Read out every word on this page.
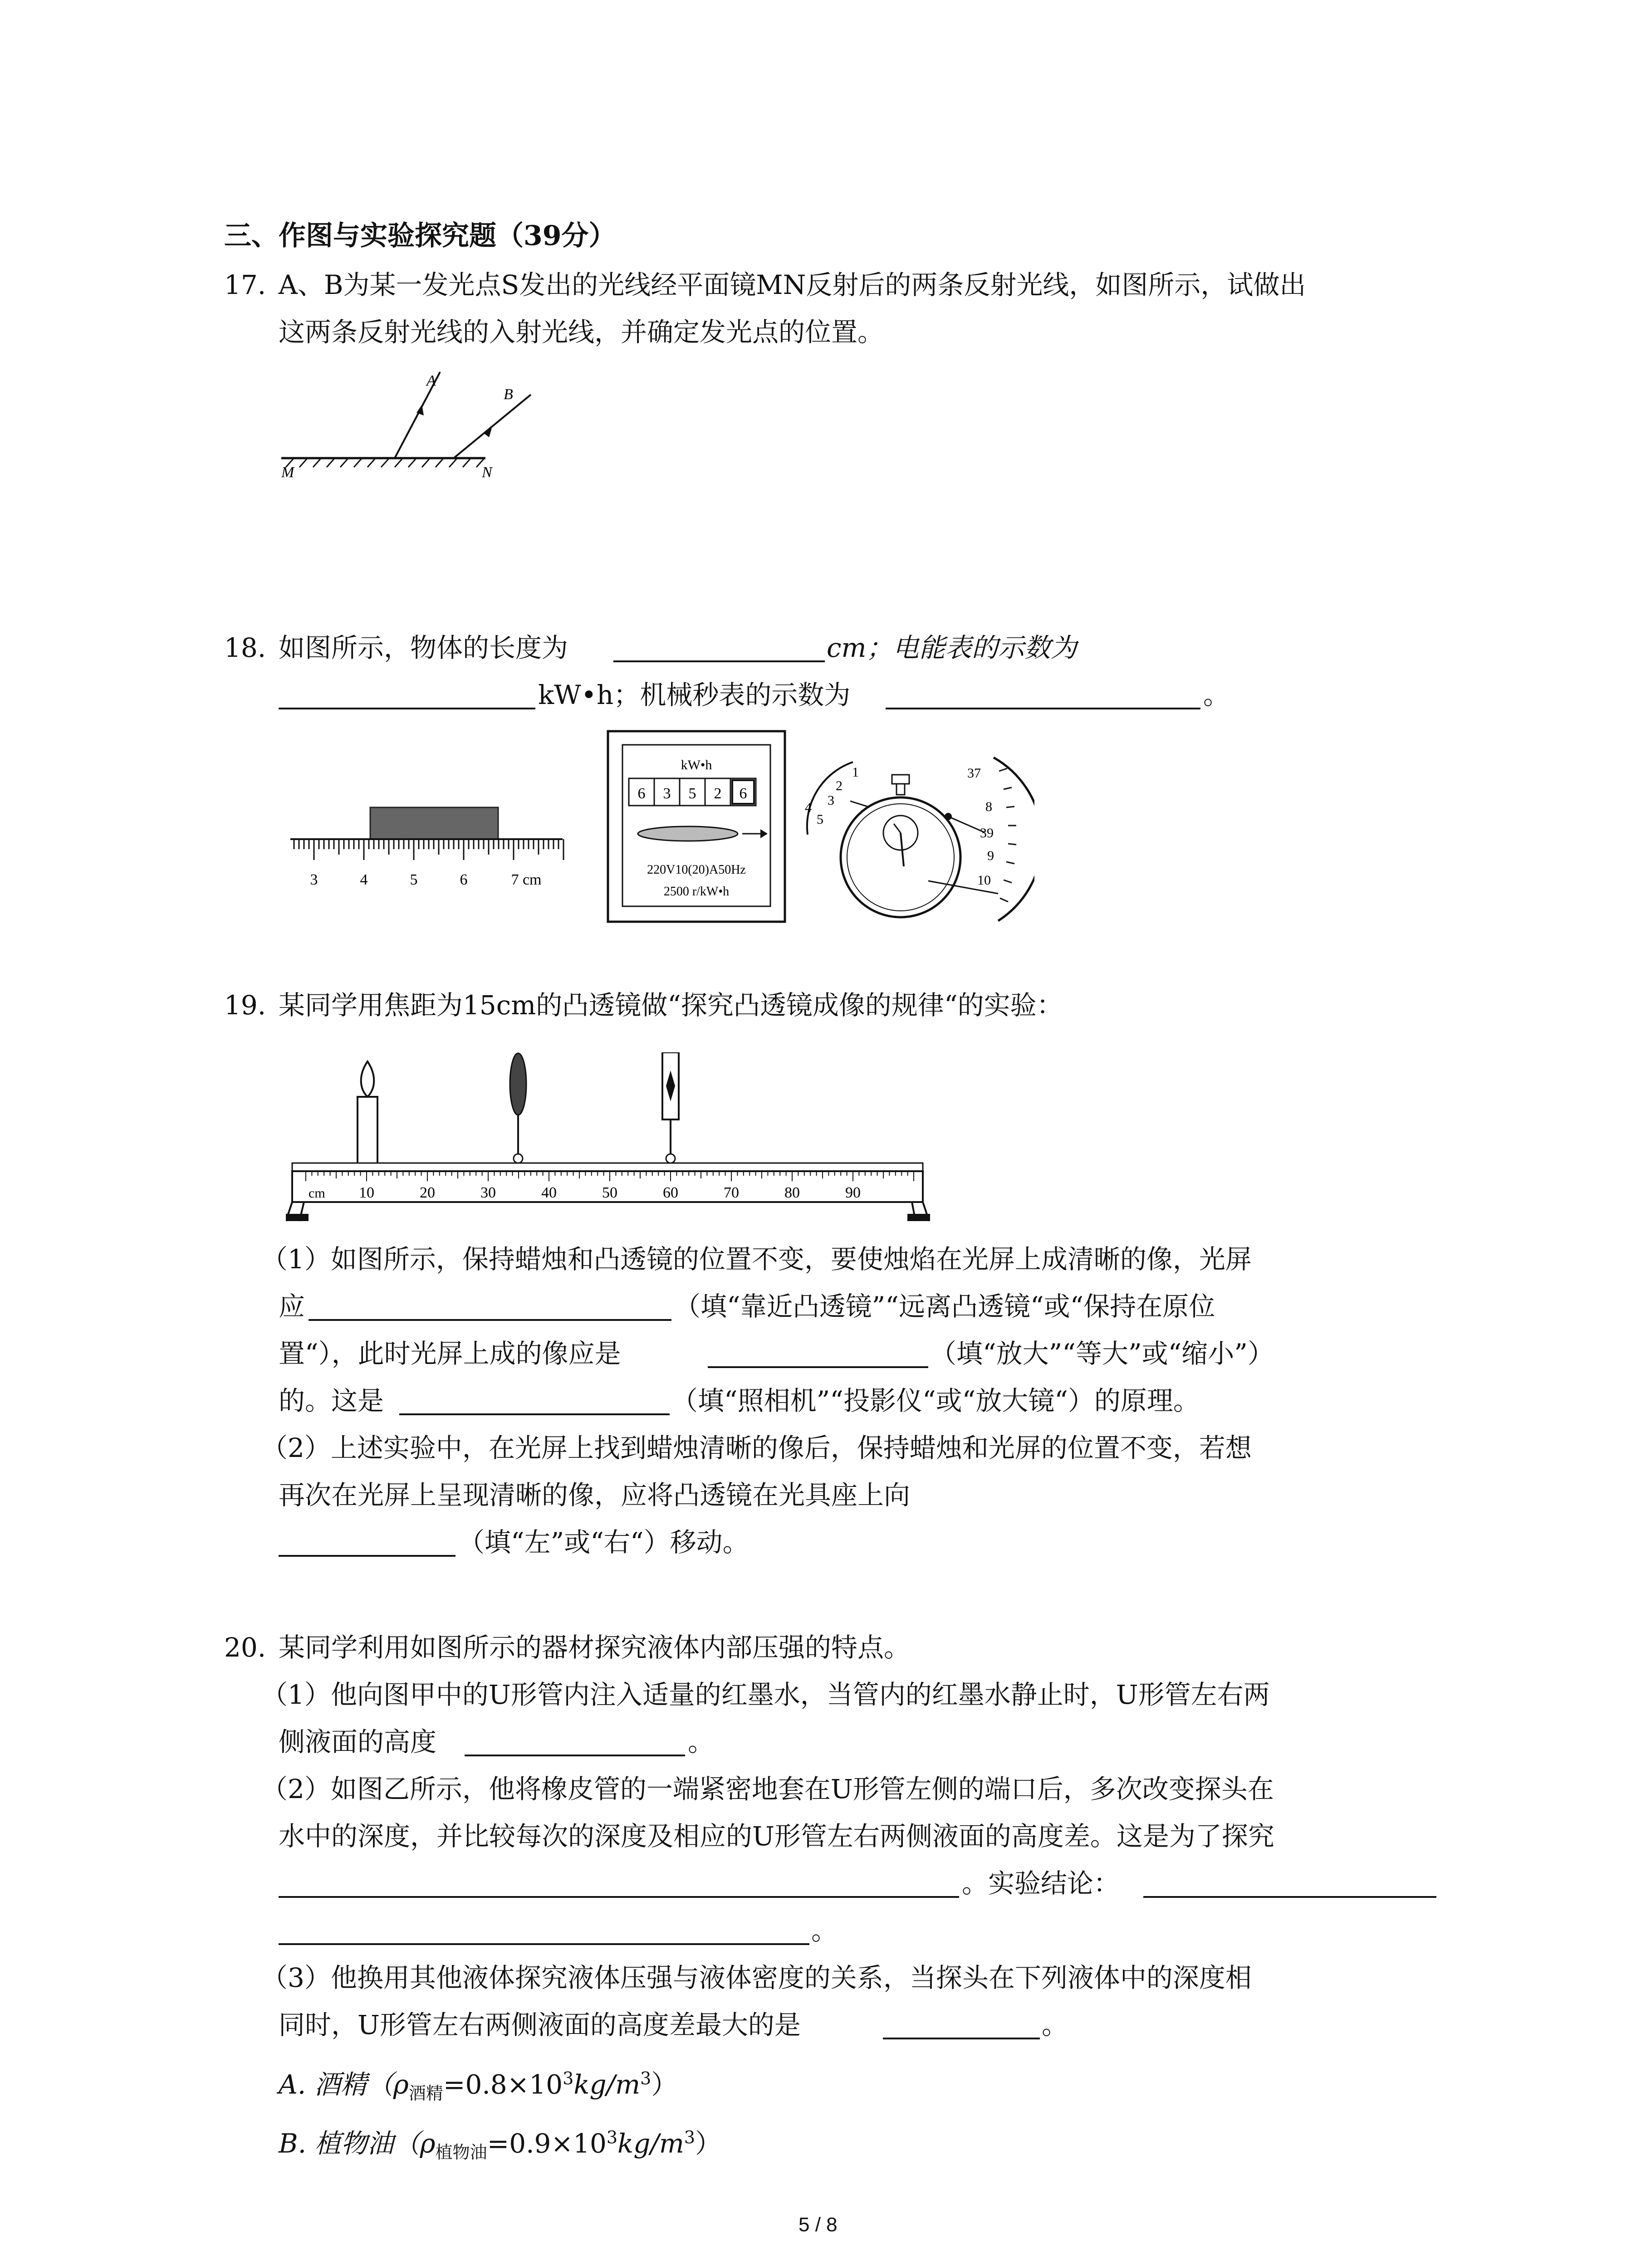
三、作图与实验探究题（39分）
17. A、B为某一发光点S发出的光线经平面镜MN反射后的两条反射光线，如图所示，试做出
这两条反射光线的入射光线，并确定发光点的位置。
A
B
M	N
18. 如图所示，物体的长度为	cm；电能表的示数为
kW•h；机械秒表的示数为	。
3	4	5	6	7 cm
kW•h
6 3 5 2 6
220V10(20)A50Hz
2500 r/kW•h
1
2
3
4
5
37
8
39
9
10
19. 某同学用焦距为15cm的凸透镜做“探究凸透镜成像的规律“的实验：
cm 10	20	30	40	50	60	70	80	90
（1）如图所示，保持蜡烛和凸透镜的位置不变，要使烛焰在光屏上成清晰的像，光屏
应	（填“靠近凸透镜”“远离凸透镜“或“保持在原位
置“），此时光屏上成的像应是	（填“放大”“等大”或“缩小”）
的。这是	（填“照相机”“投影仪“或“放大镜“）的原理。
（2）上述实验中，在光屏上找到蜡烛清晰的像后，保持蜡烛和光屏的位置不变，若想
再次在光屏上呈现清晰的像，应将凸透镜在光具座上向
（填“左”或“右“）移动。
20. 某同学利用如图所示的器材探究液体内部压强的特点。
（1）他向图甲中的U形管内注入适量的红墨水，当管内的红墨水静止时，U形管左右两
侧液面的高度	。
（2）如图乙所示，他将橡皮管的一端紧密地套在U形管左侧的端口后，多次改变探头在
水中的深度，并比较每次的深度及相应的U形管左右两侧液面的高度差。这是为了探究
。实验结论：
。
（3）他换用其他液体探究液体压强与液体密度的关系，当探头在下列液体中的深度相
同时，U形管左右两侧液面的高度差最大的是	。
A. 酒精$(\rho_{酒精}=0.8\times 10^3kg/m^3)$
B. 植物油$(\rho_{植物油}=0.9\times 10^3kg/m^3)$
5 / 8
